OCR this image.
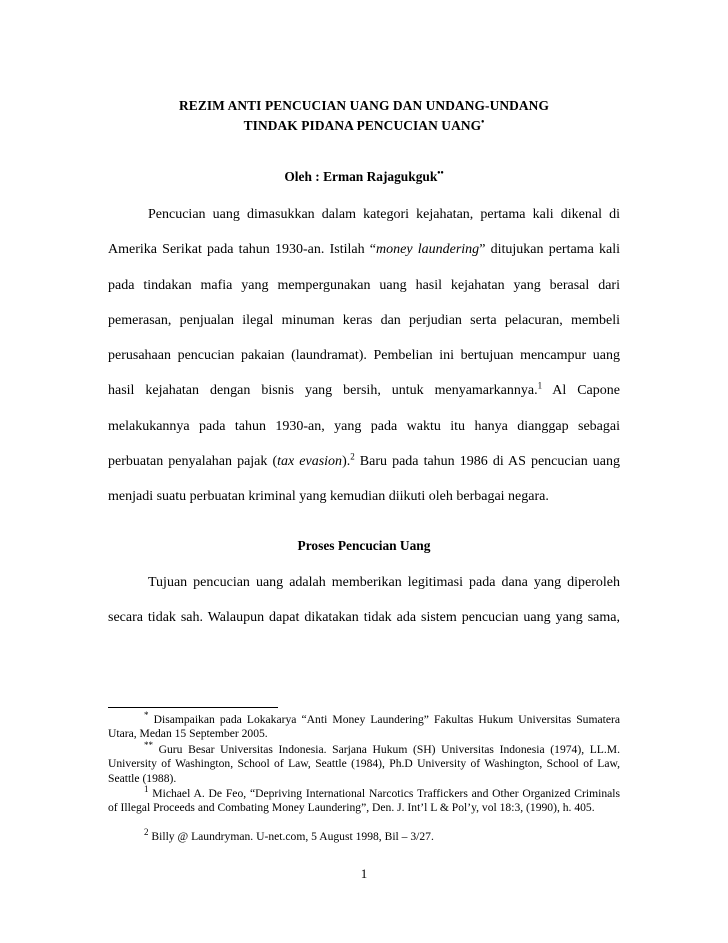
REZIM ANTI PENCUCIAN UANG DAN UNDANG-UNDANG
TINDAK PIDANA PENCUCIAN UANG•
Oleh : Erman Rajagukguk••
Pencucian uang dimasukkan dalam kategori kejahatan, pertama kali dikenal di
Amerika Serikat pada tahun 1930-an. Istilah “money laundering” ditujukan pertama kali
pada tindakan mafia yang mempergunakan uang hasil kejahatan yang berasal dari
pemerasan, penjualan ilegal minuman keras dan perjudian serta pelacuran, membeli
perusahaan pencucian pakaian (laundramat). Pembelian ini bertujuan mencampur uang
hasil kejahatan dengan bisnis yang bersih, untuk menyamarkannya.$^1$ Al Capone
melakukannya pada tahun 1930-an, yang pada waktu itu hanya dianggap sebagai
perbuatan penyalahan pajak (tax evasion).$^2$ Baru pada tahun 1986 di AS pencucian uang
menjadi suatu perbuatan kriminal yang kemudian diikuti oleh berbagai negara.
Proses Pencucian Uang
Tujuan pencucian uang adalah memberikan legitimasi pada dana yang diperoleh
secara tidak sah. Walaupun dapat dikatakan tidak ada sistem pencucian uang yang sama,
* Disampaikan pada Lokakarya “Anti Money Laundering” Fakultas Hukum Universitas Sumatera Utara, Medan 15 September 2005.
** Guru Besar Universitas Indonesia. Sarjana Hukum (SH) Universitas Indonesia (1974), LL.M. University of Washington, School of Law, Seattle (1984), Ph.D University of Washington, School of Law, Seattle (1988).
$^1$ Michael A. De Feo, “Depriving International Narcotics Traffickers and Other Organized Criminals of Illegal Proceeds and Combating Money Laundering”, Den. J. Int’l L & Pol’y, vol 18:3, (1990), h. 405.
$^2$ Billy @ Laundryman. U-net.com, 5 August 1998, Bil – 3/27.
1
